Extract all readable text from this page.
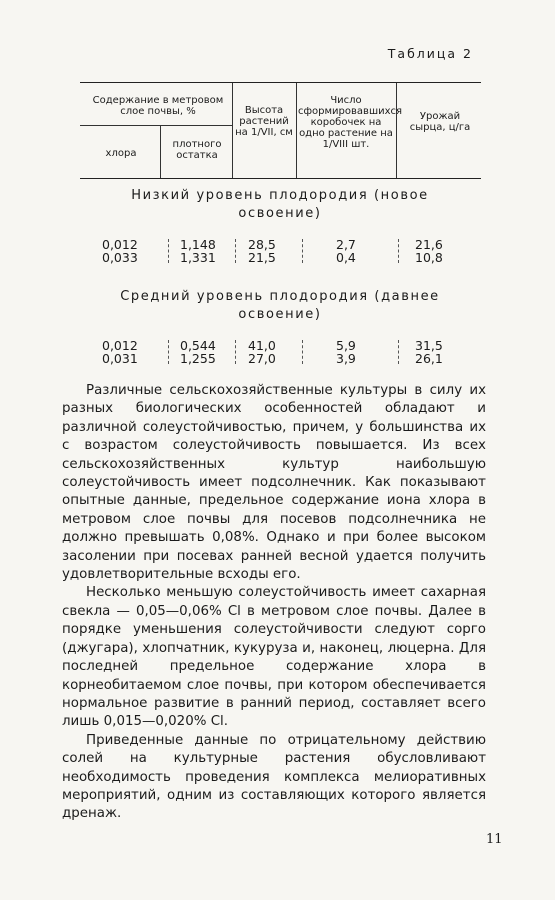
Таблица 2
Содержание в метровом слое почвы, %
хлора
плотного остатка
Высота растений на 1/VII, см
Число сформировавшихся коробочек на одно растение на 1/VIII шт.
Урожай сырца, ц/га
Низкий уровень плодородия (новое освоение)
0,012
0,033
1,148
1,331
28,5
21,5
2,7
0,4
21,6
10,8
Средний уровень плодородия (давнее освоение)
0,012
0,031
0,544
1,255
41,0
27,0
5,9
3,9
31,5
26,1

Различные сельскохозяйственные культуры в силу их разных биологических особенностей обладают и различной солеустойчивостью, причем, у большинства их с возрастом солеустойчивость повышается. Из всех сельскохозяйственных культур наибольшую солеустойчивость имеет подсолнечник. Как показывают опытные данные, предельное содержание иона хлора в метровом слое почвы для посевов подсолнечника не должно превышать 0,08%. Однако и при более высоком засолении при посевах ранней весной удается получить удовлетворительные всходы его.

Несколько меньшую солеустойчивость имеет сахарная свекла — 0,05—0,06% Cl в метровом слое почвы. Далее в порядке уменьшения солеустойчивости следуют сорго (джугара), хлопчатник, кукуруза и, наконец, люцерна. Для последней предельное содержание хлора в корнеобитаемом слое почвы, при котором обеспечивается нормальное развитие в ранний период, составляет всего лишь 0,015—0,020% Cl.

Приведенные данные по отрицательному действию солей на культурные растения обусловливают необходимость проведения комплекса мелиоративных мероприятий, одним из составляющих которого является дренаж.

11
